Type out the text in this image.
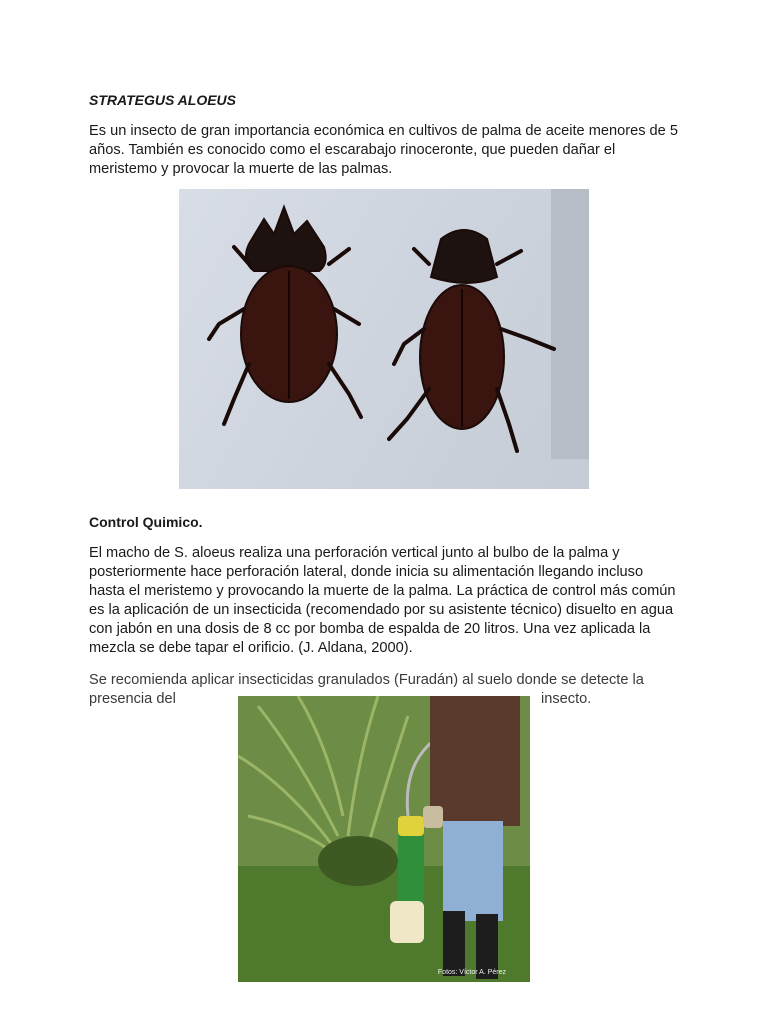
STRATEGUS ALOEUS

Es un insecto de gran importancia económica en cultivos de palma de aceite menores de 5 años. También es conocido como el escarabajo rinoceronte, que pueden dañar el meristemo y provocar la muerte de las palmas.

Control Quimico.

El macho de S. aloeus realiza una perforación vertical junto al bulbo de la palma y posteriormente hace perforación lateral, donde inicia su alimentación llegando incluso hasta el meristemo y provocando la muerte de la palma. La práctica de control más común es la aplicación de un insecticida (recomendado por su asistente técnico) disuelto en agua con jabón en una dosis de 8 cc por bomba de espalda de 20 litros. Una vez aplicada la mezcla se debe tapar el orificio. (J. Aldana, 2000).

Se recomienda aplicar insecticidas granulados (Furadán) al suelo donde se detecte la

presencia del	insecto.

Fotos: Víctor A. Pérez
